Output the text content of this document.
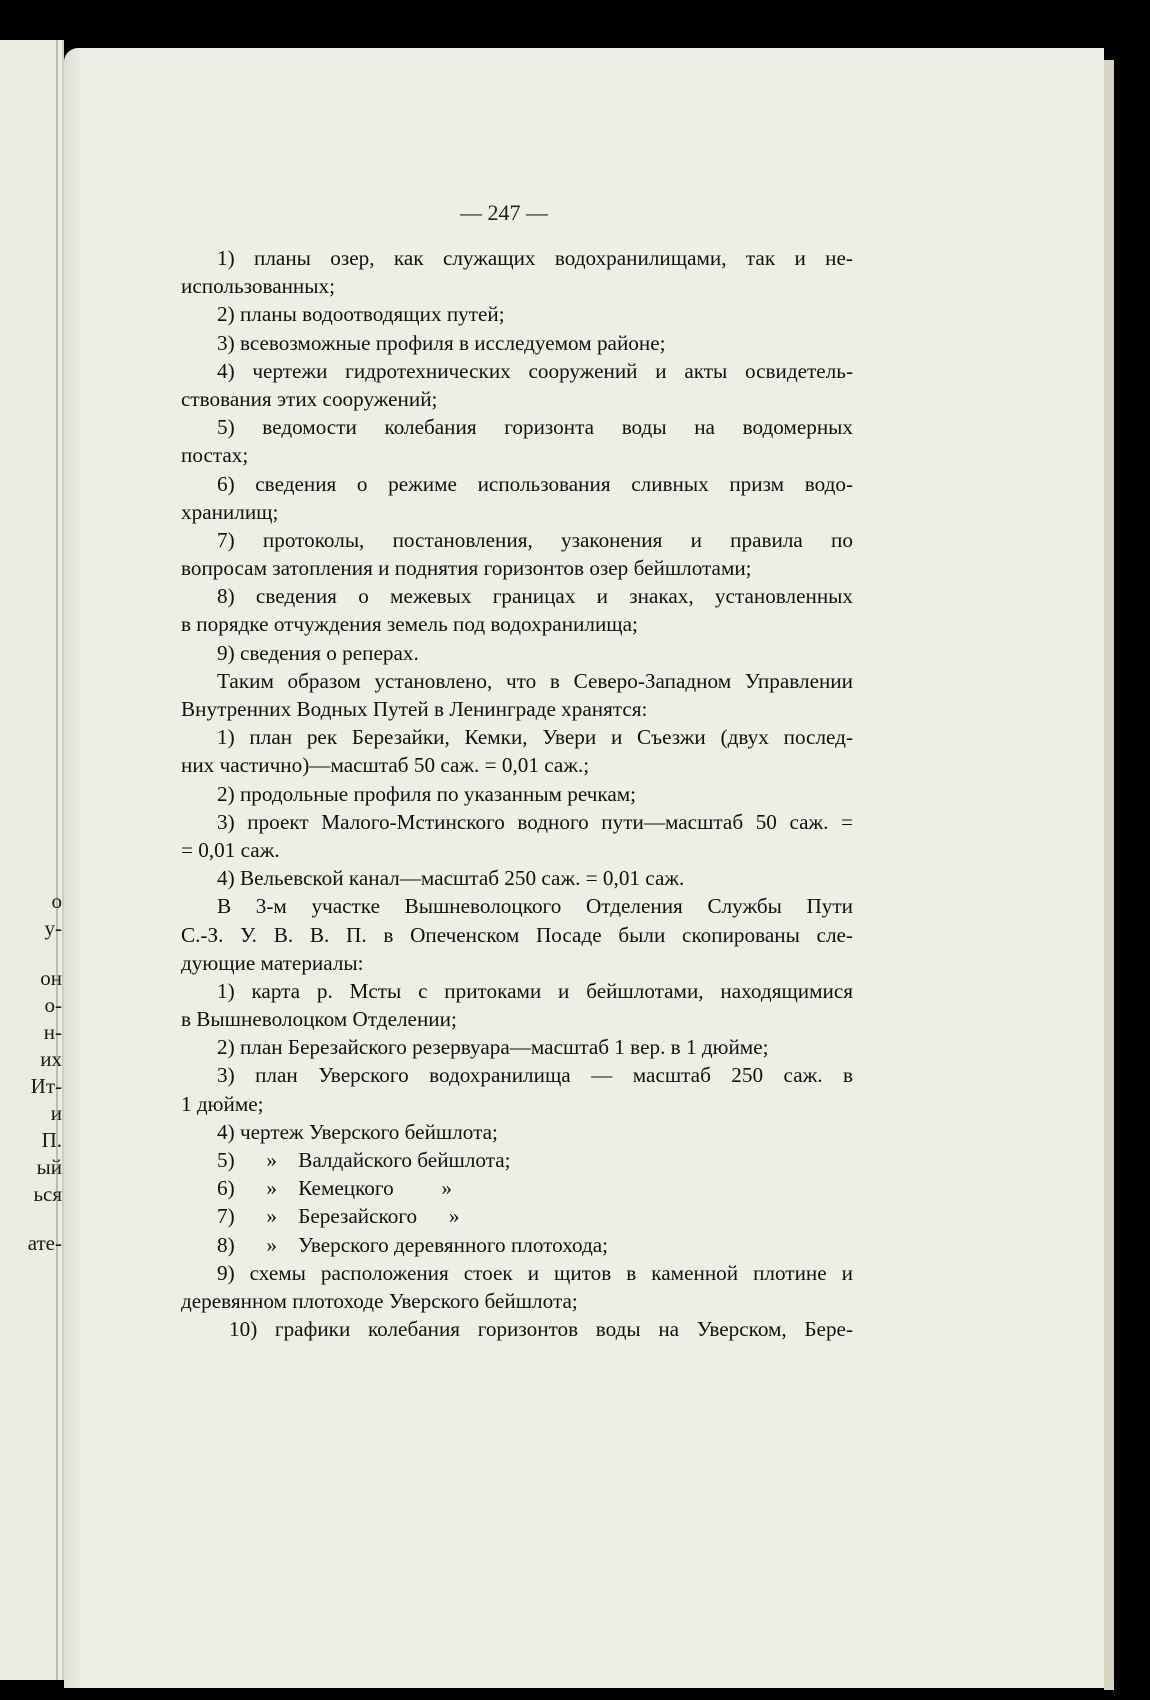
о
у-
он
о-
н-
их
Ит-
и
П.
ый
ься
ате-
— 247 —
1) планы озер, как служащих водохранилищами, так и не-
использованных;
2) планы водоотводящих путей;
3) всевозможные профиля в исследуемом районе;
4) чертежи гидротехнических сооружений и акты освидетель-
ствования этих сооружений;
5) ведомости колебания горизонта воды на водомерных
постах;
6) сведения о режиме использования сливных призм водо-
хранилищ;
7) протоколы, постановления, узаконения и правила по
вопросам затопления и поднятия горизонтов озер бейшлотами;
8) сведения о межевых границах и знаках, установленных
в порядке отчуждения земель под водохранилища;
9) сведения о реперах.
Таким образом установлено, что в Северо-Западном Управлении
Внутренних Водных Путей в Ленинграде хранятся:
1) план рек Березайки, Кемки, Увери и Съезжи (двух послед-
них частично)—масштаб 50 саж. = 0,01 саж.;
2) продольные профиля по указанным речкам;
3) проект Малого-Мстинского водного пути—масштаб 50 саж. =
= 0,01 саж.
4) Вельевской канал—масштаб 250 саж. = 0,01 саж.
В 3-м участке Вышневолоцкого Отделения Службы Пути
С.-З. У. В. В. П. в Опеченском Посаде были скопированы сле-
дующие материалы:
1) карта р. Мсты с притоками и бейшлотами, находящимися
в Вышневолоцком Отделении;
2) план Березайского резервуара—масштаб 1 вер. в 1 дюйме;
3) план Уверского водохранилища — масштаб 250 саж. в
1 дюйме;
4) чертеж Уверского бейшлота;
5)      »    Валдайского бейшлота;
6)      »    Кемецкого         »
7)      »    Березайского      »
8)      »    Уверского деревянного плотохода;
9) схемы расположения стоек и щитов в каменной плотине и
деревянном плотоходе Уверского бейшлота;
10) графики колебания горизонтов воды на Уверском, Бере-
